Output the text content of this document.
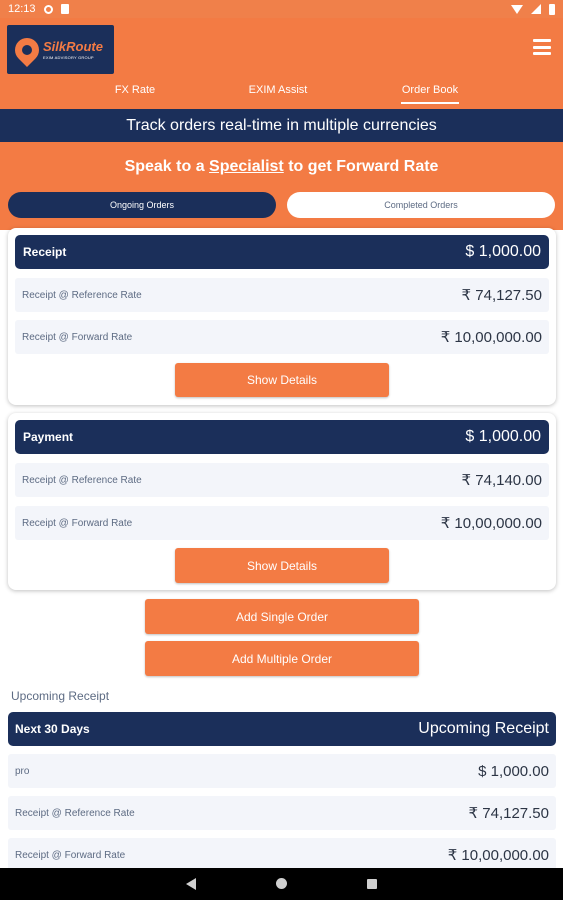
12:13
SilkRoute
EXIM ADVISORY GROUP
FX Rate	EXIM Assist	Order Book
Track orders real-time in multiple currencies
Speak to a Specialist to get Forward Rate
Ongoing Orders	Completed Orders
Receipt	$ 1,000.00
Receipt @ Reference Rate	₹ 74,127.50
Receipt @ Forward Rate	₹ 10,00,000.00
Show Details
Payment	$ 1,000.00
Receipt @ Reference Rate	₹ 74,140.00
Receipt @ Forward Rate	₹ 10,00,000.00
Show Details
Add Single Order
Add Multiple Order
Upcoming Receipt
Next 30 Days	Upcoming Receipt
pro	$ 1,000.00
Receipt @ Reference Rate	₹ 74,127.50
Receipt @ Forward Rate	₹ 10,00,000.00
